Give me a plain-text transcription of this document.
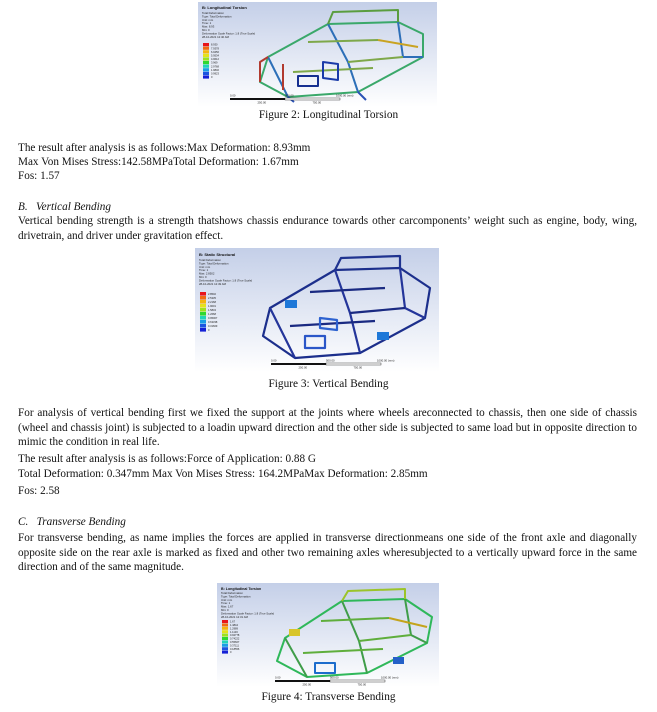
B: Longitudinal Torsion
Total Deformation
Type: Total Deformation
Unit: mm
Time: 1
Max: 8.93
Min: 0
Deformation Scale Factor: 1.8 (True Scale)
28-10-2021 12:40 AM
8.930
7.9378
6.9456
5.9534
4.9612
3.969
2.9768
1.9846
0.9923
0
0.00	500.00	1000.00 (mm)
250.00	750.00
Figure 2: Longitudinal Torsion
The result after analysis is as follows:Max Deformation: 8.93mm
Max Von Mises Stress:142.58MPaTotal Deformation: 1.67mm
Fos: 1.57
B. Vertical Bending
Vertical bending strength is a strength thatshows chassis endurance towards other carcomponents’ weight such as engine, body, wing, drivetrain, and driver under gravitation effect.
B: Static Structural
Total Deformation
Type: Total Deformation
Unit: mm
Time: 1
Max: 2.8502
Min: 0
Deformation Scale Factor: 1.8 (True Scale)
28-10-2021 12:49 AM
2.8502
2.5335
2.2168
1.9001
1.5834
1.2668
0.95007
0.63338
0.31669
0
0.00	500.00	1000.00 (mm)
250.00	750.00
Figure 3: Vertical Bending
For analysis of vertical bending first we fixed the support at the joints where wheels areconnected to chassis, then one side of chassis (wheel and chassis joint) is subjected to a loadin upward direction and the other side is subjected to same load but in opposite direction to mimic the condition in real life.
The result after analysis is as follows:Force of Application: 0.88 G
Total Deformation: 0.347mm Max Von Mises Stress: 164.2MPaMax Deformation: 2.85mm
Fos: 2.58
C. Transverse Bending
For transverse bending, as name implies the forces are applied in transverse directionmeans one side of the front axle and diagonally opposite side on the rear axle is marked as fixed and other two remaining axles wheresubjected to a vertically upward force in the same direction and of the same magnitude.
B: Longitudinal Torsion
Total Deformation
Type: Total Deformation
Unit: mm
Time: 1
Max: 1.67
Min: 0
Deformation Scale Factor: 1.8 (True Scale)
28-10-2021 12:31 AM
1.67
1.4844
1.2989
1.1133
0.92778
0.74222
0.55667
0.37111
0.18556
0
0.00	500.00	1000.00 (mm)
250.00	750.00
Figure 4: Transverse Bending
